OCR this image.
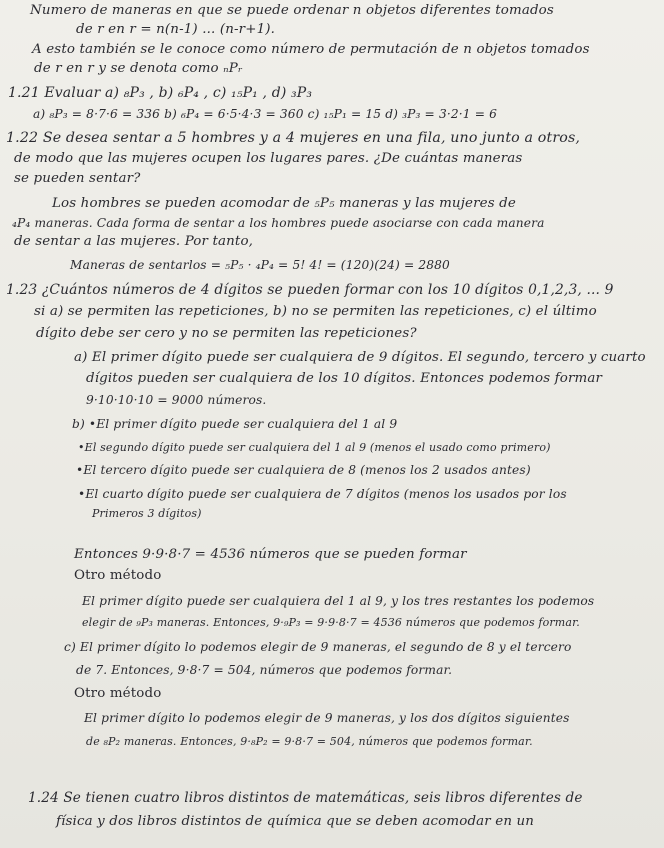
Numero de maneras en que se puede ordenar n objetos diferentes tomados
de r en r = n(n-1) ... (n-r+1).
A esto también se le conoce como número de permutación de n objetos tomados
de r en r y se denota como ₙPᵣ
1.21 Evaluar a) ₈P₃ , b) ₆P₄ , c) ₁₅P₁ , d) ₃P₃
a) ₈P₃ = 8·7·6 = 336 b) ₆P₄ = 6·5·4·3 = 360 c) ₁₅P₁ = 15 d) ₃P₃ = 3·2·1 = 6
1.22 Se desea sentar a 5 hombres y a 4 mujeres en una fila, uno junto a otros,
de modo que las mujeres ocupen los lugares pares. ¿De cuántas maneras
se pueden sentar?
Los hombres se pueden acomodar de ₅P₅ maneras y las mujeres de
₄P₄ maneras. Cada forma de sentar a los hombres puede asociarse con cada manera
de sentar a las mujeres. Por tanto,
Maneras de sentarlos = ₅P₅ · ₄P₄ = 5! 4! = (120)(24) = 2880
1.23 ¿Cuántos números de 4 dígitos se pueden formar con los 10 dígitos 0,1,2,3, ... 9
si a) se permiten las repeticiones, b) no se permiten las repeticiones, c) el último
dígito debe ser cero y no se permiten las repeticiones?
a) El primer dígito puede ser cualquiera de 9 dígitos. El segundo, tercero y cuarto
dígitos pueden ser cualquiera de los 10 dígitos. Entonces podemos formar
9·10·10·10 = 9000 números.
b) •El primer dígito puede ser cualquiera del 1 al 9
•El segundo dígito puede ser cualquiera del 1 al 9 (menos el usado como primero)
•El tercero dígito puede ser cualquiera de 8 (menos los 2 usados antes)
•El cuarto dígito puede ser cualquiera de 7 dígitos (menos los usados por los
Primeros 3 dígitos)
Entonces 9·9·8·7 = 4536 números que se pueden formar
Otro método
El primer dígito puede ser cualquiera del 1 al 9, y los tres restantes los podemos
elegir de ₉P₃ maneras. Entonces, 9·₉P₃ = 9·9·8·7 = 4536 números que podemos formar.
c) El primer dígito lo podemos elegir de 9 maneras, el segundo de 8 y el tercero
de 7. Entonces, 9·8·7 = 504, números que podemos formar.
Otro método
El primer dígito lo podemos elegir de 9 maneras, y los dos dígitos siguientes
de ₈P₂ maneras. Entonces, 9·₈P₂ = 9·8·7 = 504, números que podemos formar.
1.24 Se tienen cuatro libros distintos de matemáticas, seis libros diferentes de
física y dos libros distintos de química que se deben acomodar en un
